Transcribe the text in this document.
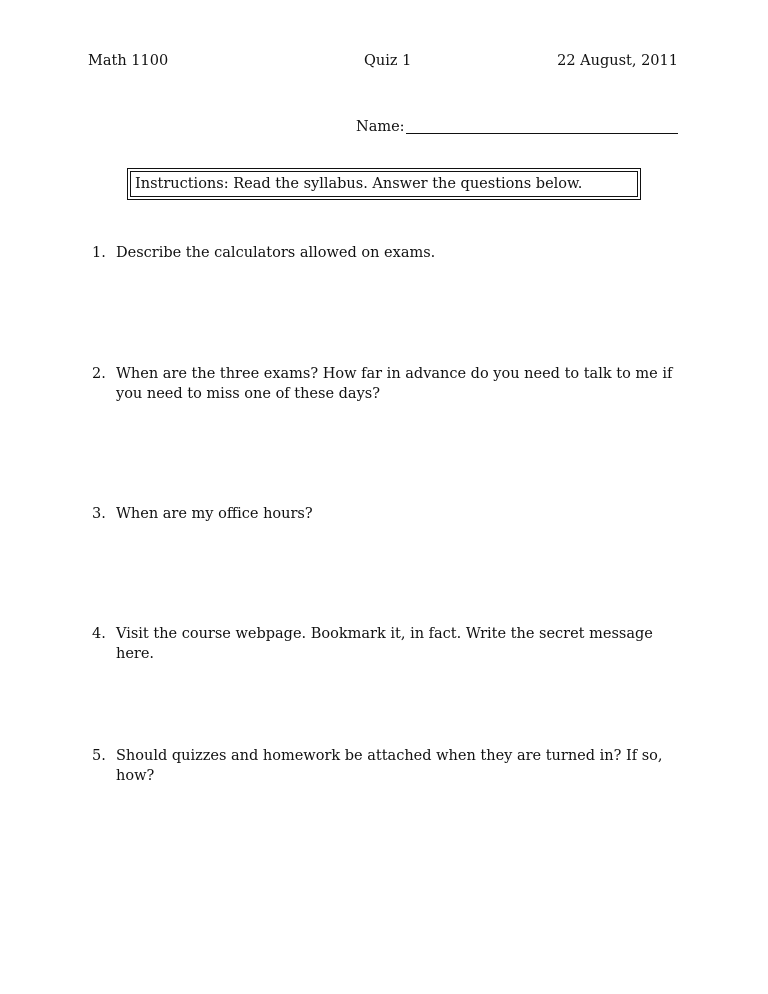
Math 1100	Quiz 1	22 August, 2011
Name:
Instructions: Read the syllabus. Answer the questions below.
1. Describe the calculators allowed on exams.
2. When are the three exams? How far in advance do you need to talk to me if you need to miss one of these days?
3. When are my office hours?
4. Visit the course webpage. Bookmark it, in fact. Write the secret message here.
5. Should quizzes and homework be attached when they are turned in? If so, how?
